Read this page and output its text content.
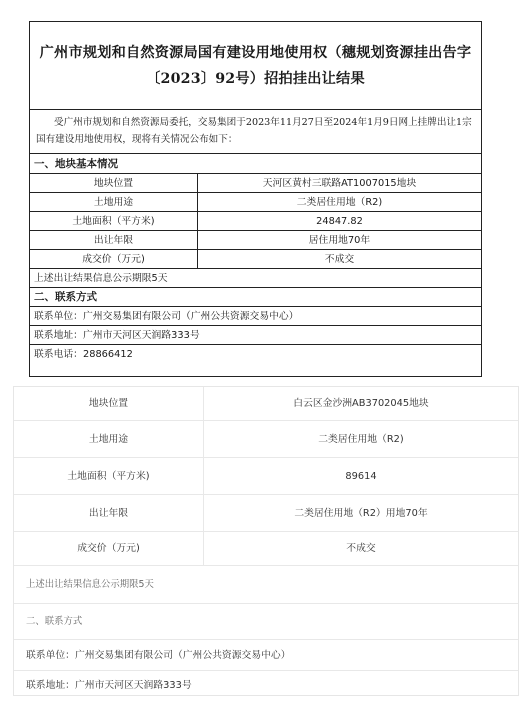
广州市规划和自然资源局国有建设用地使用权（穗规划资源挂出告字〔2023〕92号）招拍挂出让结果
受广州市规划和自然资源局委托，交易集团于2023年11月27日至2024年1月9日网上挂牌出让1宗国有建设用地使用权，现将有关情况公布如下：
一、地块基本情况
地块位置	天河区黄村三联路AT1007015地块
土地用途	二类居住用地（R2)
土地面积（平方米)	24847.82
出让年限	居住用地70年
成交价（万元)	不成交
上述出让结果信息公示期限5天
二、联系方式
联系单位：广州交易集团有限公司（广州公共资源交易中心）
联系地址：广州市天河区天润路333号
联系电话：28866412
地块位置	白云区金沙洲AB3702045地块
土地用途	二类居住用地（R2)
土地面积（平方米)	89614
出让年限	二类居住用地（R2）用地70年
成交价（万元)	不成交
上述出让结果信息公示期限5天
二、联系方式
联系单位：广州交易集团有限公司（广州公共资源交易中心）
联系地址：广州市天河区天润路333号
